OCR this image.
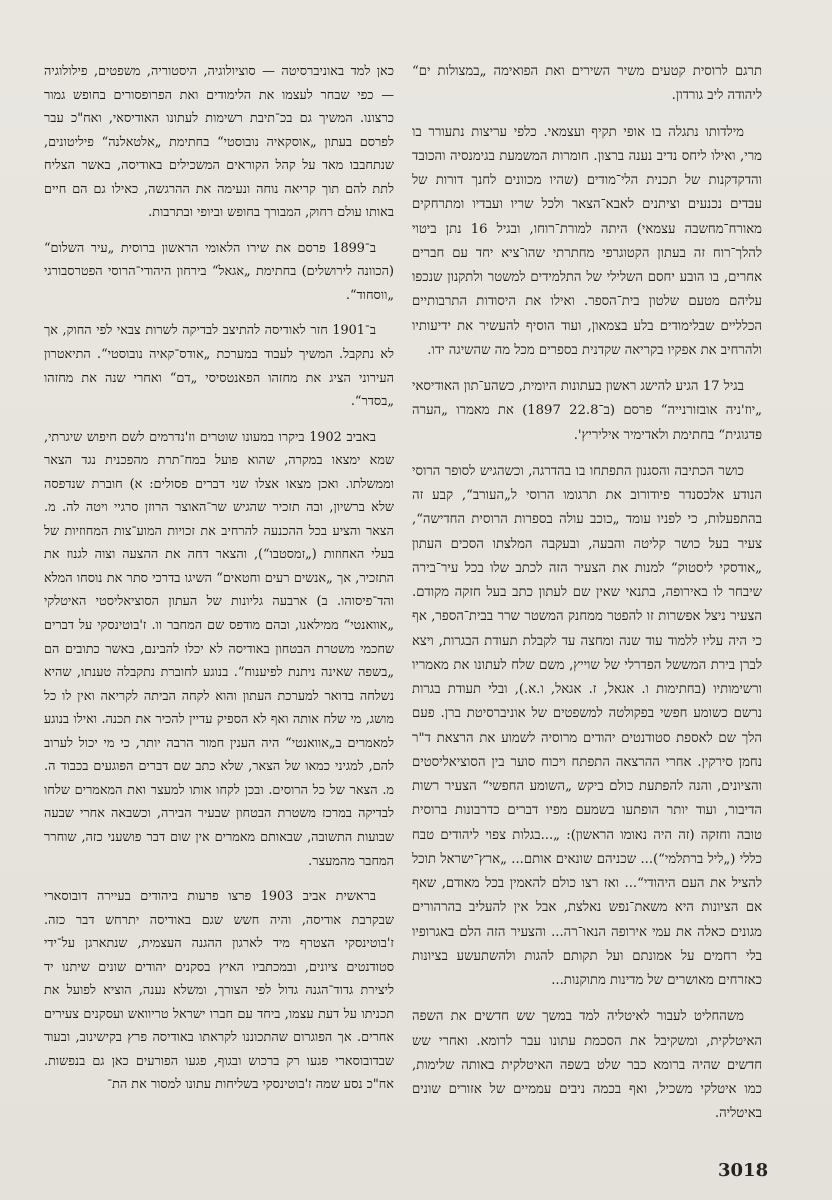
תרגם לרוסית קטעים משיר השירים ואת הפואימה „במצולות ים“ ליהודה ליב גורדון.

מילדותו נתגלה בו אופי תקיף ועצמאי. כלפי עריצות נתעורר בו מרי, ואילו ליחס נדיב נענה ברצון. חומרות המשמעת בגימנסיה והכובד והדקדקנות של תכנית הלי־מודים (שהיו מכוונים לחנך דורות של עבדים נכנעים וציתנים לאבא־הצאר ולכל שריו ועבדיו ומתרחקים מאורח־מחשבה עצמאי) היתה למורת־רוחו, ובגיל 16 נתן ביטוי להלך־רוח זה בעתון הקטוגרפי מחתרתי שהו־ציא יחד עם חברים אחרים, בו הובע יחסם השלילי של התלמידים למשטר ולתקנון שנכפו עליהם מטעם שלטון בית־הספר. ואילו את היסודות התרבותיים הכלליים שבלימודים בלע בצמאון, ועוד הוסיף להעשיר את ידיעותיו ולהרחיב את אפקיו בקריאה שקדנית בספרים מכל מה שהשיגה ידו.

בגיל 17 הגיע להישג ראשון בעתונות היומית, כשהע־תון האודיסאי „יוז'ניה אובזורנייה“ פרסם (ב־22.8 1897) את מאמרו „הערה פדגוגית“ בחתימת ולאדימיר איליריץ'.

כושר הכתיבה והסגנון התפתחו בו בהדרגה, וכשהגיש לסופר הרוסי הנודע אלכסנדר פיודורוב את תרגומו הרוסי ל„העורב“, קבע זה בהתפעלות, כי לפניו עומד „כוכב עולה בספרות הרוסית החדישה“, צעיר בעל כושר קליטה והבעה, ובעקבה המלצתו הסכים העתון „אודסקי ליסטוק“ למנות את הצעיר הזה לכתב שלו בכל עיר־בירה שיבחר לו באירופה, בתנאי שאין שם לעתון כתב בעל חזקה מקודם. הצעיר ניצל אפשרות זו להפטר ממחנק המשטר שרר בבית־הספר, אף כי היה עליו ללמוד עוד שנה ומחצה עד לקבלת תעודת הבגרות, ויצא לברן בירת המששל הפדרלי של שוייץ, משם שלח לעתונו את מאמריו ורשימותיו (בחתימות ו. אגאל, ז. אגאל, ו.א.), ובלי תעודת בגרות נרשם כשומע חפשי בפקולטה למשפטים של אוניברסיטת ברן. פעם הלך שם לאספת סטודנטים יהודים מרוסיה לשמוע את הרצאת ד"ר נחמן סירקין. אחרי ההרצאה התפתח ויכוח סוער בין הסוציאליסטים והציונים, והנה להפתעת כולם ביקש „השומע החפשי“ הצעיר רשות הדיבור, ועוד יותר הופתעו בשמעם מפיו דברים כדרבונות ברוסית טובה וחזקה (זה היה נאומו הראשון): „...בגלות צפוי ליהודים טבח כללי („ליל ברתלמי“)... שכניהם שונאים אותם... „ארץ־ישראל תוכל להציל את העם היהודי“... ואז רצו כולם להאמין בכל מאודם, שאף אם הציונות היא משאת־נפש נאלצת, אבל אין להעליב בהרהורים מגונים כאלה את עמי אירופה הנאו־רה... והצעיר הזה הלם באגרופיו בלי רחמים על אמונתם ועל תקותם להגות ולהשתעשע בציונות כאזרחים מאושרים של מדינות מתוקנות...

משהחליט לעבור לאיטליה למד במשך שש חדשים את השפה האיטלקית, ומשקיבל את הסכמת עתונו עבר לרומא. ואחרי שש חדשים שהיה ברומא כבר שלט בשפה האיטלקית באותה שלימות, כמו איטלקי משכיל, ואף בכמה ניבים עממיים של אזורים שונים באיטליה.

כאן למד באוניברסיטה — סוציולוגיה, היסטוריה, משפטים, פילולוגיה — כפי שבחר לעצמו את הלימודים ואת הפרופסורים בחופש גמור כרצונו. המשיך גם בכ־תיבת רשימות לעתונו האודיסאי, ואח"כ עבר לפרסם בעתון „אוסקאיה נובוסטי“ בחתימת „אלטאלנה“ פיליטונים, שנתחבבו מאד על קהל הקוראים המשכילים באודיסה, באשר הצליח לתת להם תוך קריאה נוחה ונעימה את ההרגשה, כאילו גם הם חיים באותו עולם רחוק, המבורך בחופש וביופי ובתרבות.

ב־1899 פרסם את שירו הלאומי הראשון ברוסית „עיר השלום“ (הכוונה לירושלים) בחתימת „אגאל“ בירחון היהודי־הרוסי הפטרסבורגי „ווסחוד“.

ב־1901 חזר לאודיסה להתיצב לבדיקה לשרות צבאי לפי החוק, אך לא נתקבל. המשיך לעבוד במערכת „אודס־קאיה נובוסטי“. התיאטרון העירוני הציג את מחזהו הפאנטסיסי „דם“ ואחרי שנה את מחזהו „בסדר“.

באביב 1902 ביקרו במעונו שוטרים וז'נדרמים לשם חיפוש שיגרתי, שמא ימצאו במקרה, שהוא פועל במח־תרת מהפכנית נגד הצאר וממשלתו. ואכן מצאו אצלו שני דברים פסולים: א) חוברת שנדפסה שלא ברשיון, ובה תזכיר שהגיש שר־האוצר הרוזן סרגיי ויטה לה. מ. הצאר והציע בכל ההכנעה להרחיב את זכויות המוע־צות המחוזיות של בעלי האחוזות („זמסטבו“), והצאר דחה את ההצעה וצוה לגנוז את התזכיר, אך „אנשים רעים וחטאים“ השיגו בדרכי סתר את נוסחו המלא והד־פיסוהו. ב) ארבעה גליונות של העתון הסוציאליסטי האיטלקי „אוואנטי“ ממילאנו, ובהם מודפס שם המחבר וו. ז'בוטינסקי על דברים שחכמי משטרת הבטחון באודיסה לא יכלו להבינם, באשר כתובים הם „בשפה שאינה ניתנת לפיענוח“. בנוגע לחוברת נתקבלה טענתו, שהיא נשלחה בדואר למערכת העתון והוא לקחה הביתה לקריאה ואין לו כל מושג, מי שלח אותה ואף לא הספיק עדיין להכיר את תכנה. ואילו בנוגע למאמרים ב„אוואנטי“ היה הענין חמור הרבה יותר, כי מי יכול לערוב להם, למגיני כמאו של הצאר, שלא כתב שם דברים הפוגעים בכבוד ה. מ. הצאר של כל הרוסים. ובכן לקחו אותו למעצר ואת המאמרים שלחו לבדיקה במרכז משטרת הבטחון שבעיר הבירה, וכשבאה אחרי שבעה שבועות התשובה, שבאותם מאמרים אין שום דבר פושעני כזה, שוחרר המחבר מהמעצר.

בראשית אביב 1903 פרצו פרעות ביהודים בעיירה דובוסארי שבקרבת אודיסה, והיה חשש שגם באודיסה יתרחש דבר כזה. ז'בוטינסקי הצטרף מיד לארגון ההגנה העצמית, שנתארגן על־ידי סטודנטים ציונים, ובמכתביו האיץ בסקנים יהודים שונים שיתנו יד ליצירת גדוד־הגנה גדול לפי הצורך, ומשלא נענה, הוציא לפועל את תכניתו על דעת עצמו, ביחד עם חברו ישראל טריוואש ועסקנים צעירים אחרים. אך הפוגרום שהתכוננו לקראתו באודיסה פרץ בקישינוב, ובעוד שבדובוסארי פגעו רק ברכוש ובגוף, פגעו הפורעים כאן גם בנפשות. אח"כ נסע שמה ז'בוטינסקי בשליחות עתונו למסור את הת־

3018
